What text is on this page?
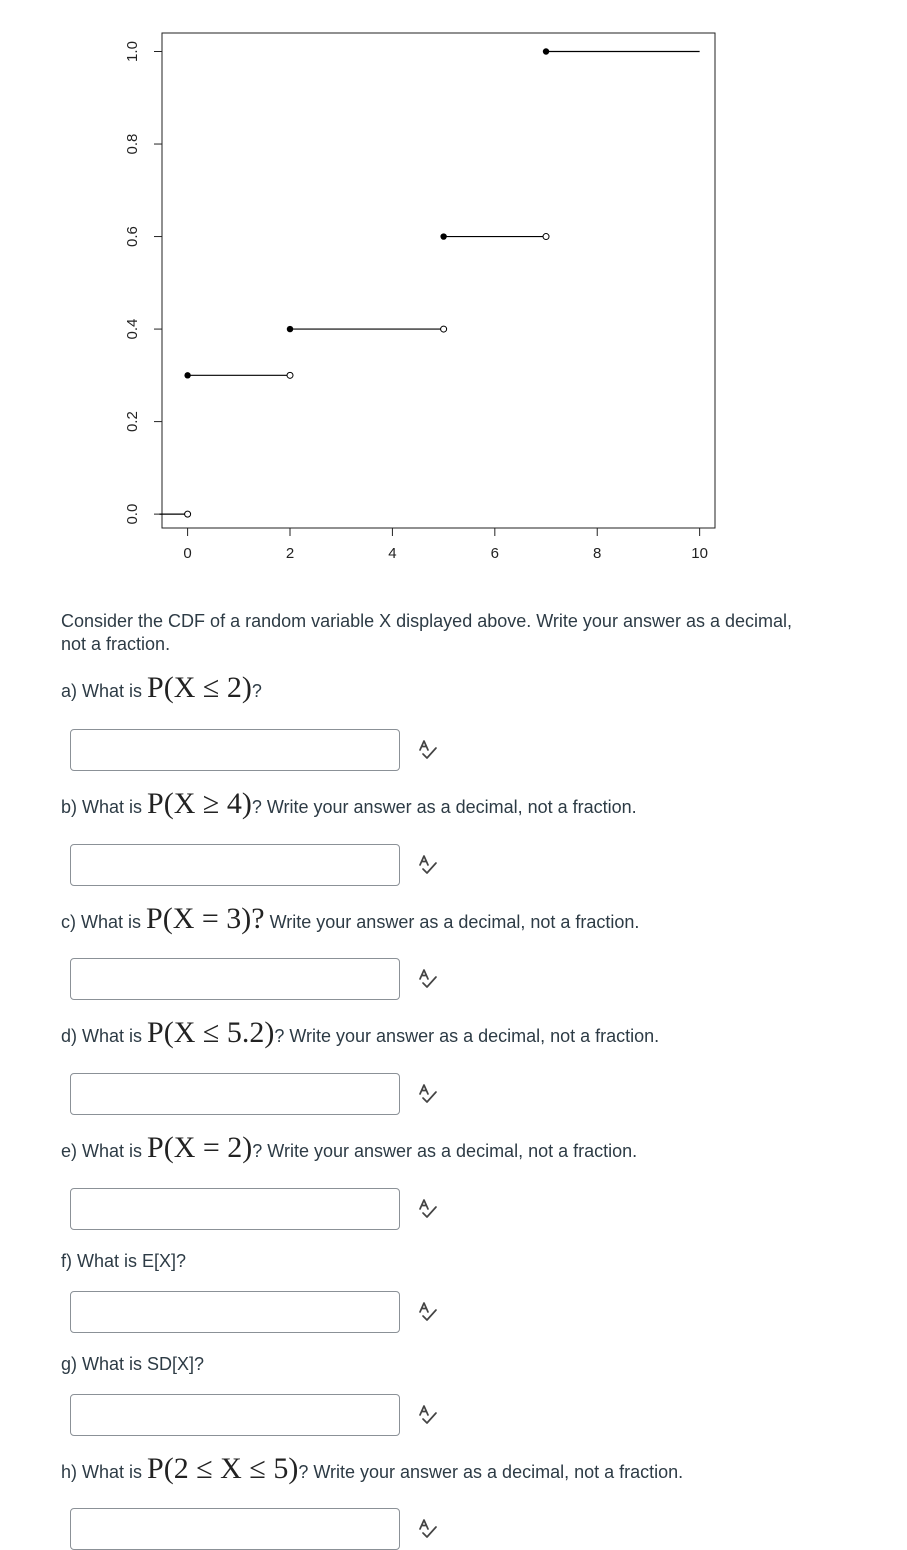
0	2	4	6	8	10
0.0
0.2
0.4
0.6
0.8
1.0
Consider the CDF of a random variable X displayed above. Write your answer as a decimal, not a fraction.
a) What is P(X ≤ 2)?
b) What is P(X ≥ 4)? Write your answer as a decimal, not a fraction.
c) What is P(X = 3)? Write your answer as a decimal, not a fraction.
d) What is P(X ≤ 5.2)? Write your answer as a decimal, not a fraction.
e) What is P(X = 2)? Write your answer as a decimal, not a fraction.
f) What is E[X]?
g) What is SD[X]?
h) What is P(2 ≤ X ≤ 5)? Write your answer as a decimal, not a fraction.
